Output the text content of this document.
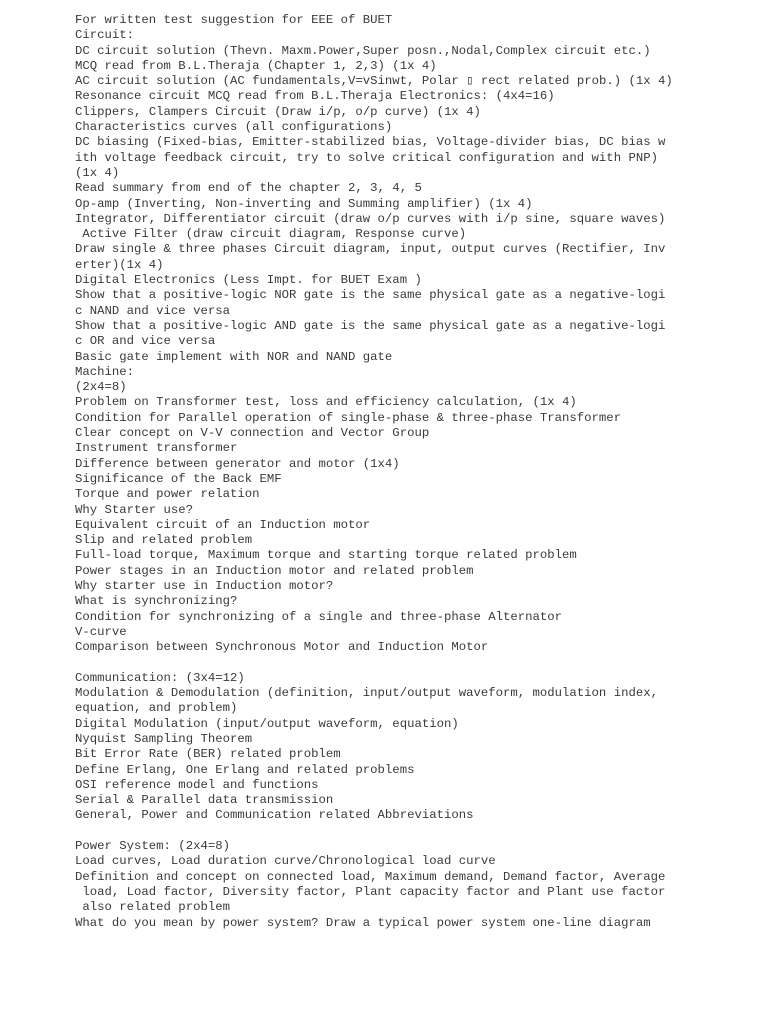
For written test suggestion for EEE of BUET
Circuit:
DC circuit solution (Thevn. Maxm.Power,Super posn.,Nodal,Complex circuit etc.)
MCQ read from B.L.Theraja (Chapter 1, 2,3) (1x 4)
AC circuit solution (AC fundamentals,V=vSinwt, Polar ▯ rect related prob.) (1x 4)
Resonance circuit MCQ read from B.L.Theraja Electronics: (4x4=16)
Clippers, Clampers Circuit (Draw i/p, o/p curve) (1x 4)
Characteristics curves (all configurations)
DC biasing (Fixed-bias, Emitter-stabilized bias, Voltage-divider bias, DC bias w
ith voltage feedback circuit, try to solve critical configuration and with PNP)
(1x 4)
Read summary from end of the chapter 2, 3, 4, 5
Op-amp (Inverting, Non-inverting and Summing amplifier) (1x 4)
Integrator, Differentiator circuit (draw o/p curves with i/p sine, square waves)
Active Filter (draw circuit diagram, Response curve)
Draw single & three phases Circuit diagram, input, output curves (Rectifier, Inv
erter)(1x 4)
Digital Electronics (Less Impt. for BUET Exam )
Show that a positive-logic NOR gate is the same physical gate as a negative-logi
c NAND and vice versa
Show that a positive-logic AND gate is the same physical gate as a negative-logi
c OR and vice versa
Basic gate implement with NOR and NAND gate
Machine:
(2x4=8)
Problem on Transformer test, loss and efficiency calculation, (1x 4)
Condition for Parallel operation of single-phase & three-phase Transformer
Clear concept on V-V connection and Vector Group
Instrument transformer
Difference between generator and motor (1x4)
Significance of the Back EMF
Torque and power relation
Why Starter use?
Equivalent circuit of an Induction motor
Slip and related problem
Full-load torque, Maximum torque and starting torque related problem
Power stages in an Induction motor and related problem
Why starter use in Induction motor?
What is synchronizing?
Condition for synchronizing of a single and three-phase Alternator
V-curve
Comparison between Synchronous Motor and Induction Motor
Communication: (3x4=12)
Modulation & Demodulation (definition, input/output waveform, modulation index,
equation, and problem)
Digital Modulation (input/output waveform, equation)
Nyquist Sampling Theorem
Bit Error Rate (BER) related problem
Define Erlang, One Erlang and related problems
OSI reference model and functions
Serial & Parallel data transmission
General, Power and Communication related Abbreviations
Power System: (2x4=8)
Load curves, Load duration curve/Chronological load curve
Definition and concept on connected load, Maximum demand, Demand factor, Average
load, Load factor, Diversity factor, Plant capacity factor and Plant use factor
also related problem
What do you mean by power system? Draw a typical power system one-line diagram
